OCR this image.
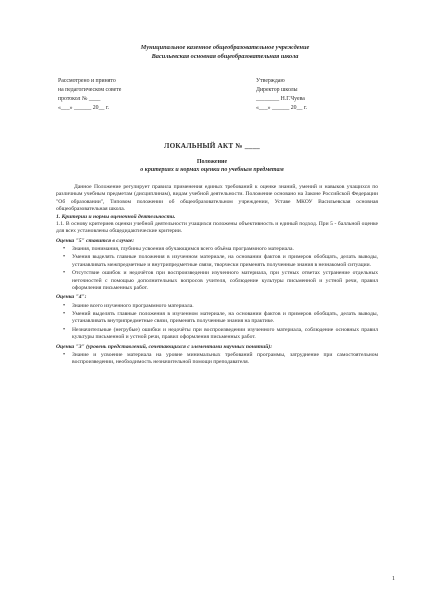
Муниципальное казенное общеобразовательное учреждение
Васильевская основная общеобразовательная школа
Рассмотрено и принято
на педагогическом совете
протокол № ____
«___» ______ 20__ г.
Утверждаю
Директор школы
________ Н.Г.Чуева
«___» ______ 20__ г.
ЛОКАЛЬНЫЙ АКТ № ____
Положение
о критериях и нормах оценки по учебным предметам

Данное Положение регулирует правила применения единых требований к оценке знаний, умений и навыков учащихся по различным учебным предметам (дисциплинам), видам учебной деятельности. Положение основано на Законе Российской Федерации "Об образовании", Типовом положении об общеобразовательном учреждении, Уставе МКОУ Васильевская основная общеобразовательная школа.

1. Критерии и нормы оценочной деятельности.
1.1. В основу критериев оценки учебной деятельности учащихся положены объективность и единый подход. При 5 - балльной оценке для всех установлены общедидактические критерии.
Оценка "5" ставится в случае:
• Знания, понимания, глубины усвоения обучающимся всего объёма программного материала.
• Умения выделять главные положения в изученном материале, на основании фактов и примеров обобщать, делать выводы, устанавливать межпредметные и внутрипредметные связи, творчески применять полученные знания в незнакомой ситуации.
• Отсутствие ошибок и недочётов при воспроизведении изученного материала, при устных ответах устранение отдельных неточностей с помощью дополнительных вопросов учителя, соблюдение культуры письменной и устной речи, правил оформления письменных работ.
Оценка "4":
• Знание всего изученного программного материала.
• Умений выделять главные положения в изученном материале, на основании фактов и примеров обобщать, делать выводы, устанавливать внутрипредметные связи, применять полученные знания на практике.
• Незначительные (негрубые) ошибки и недочёты при воспроизведении изученного материала, соблюдение основных правил культуры письменной и устной речи, правил оформления письменных работ.
Оценка "3" (уровень представлений, сочетающихся с элементами научных понятий):
• Знание и усвоение материала на уровне минимальных требований программы, затруднение при самостоятельном воспроизведении, необходимость незначительной помощи преподавателя.
1
